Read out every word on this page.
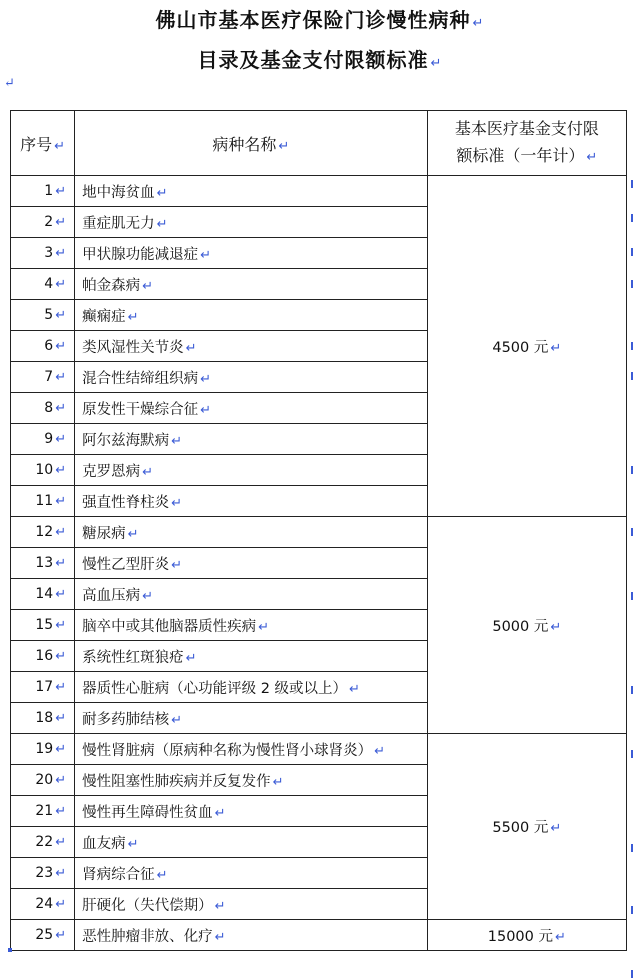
佛山市基本医疗保险门诊慢性病种 ↵
目录及基金支付限额标准 ↵
↵
序号 ↵	病种名称 ↵	基本医疗基金支付限
额标准（一年计） ↵
1 ↵	地中海贫血 ↵	4500 元 ↵
2 ↵	重症肌无力 ↵	
3 ↵	甲状腺功能减退症 ↵	
4 ↵	帕金森病 ↵	
5 ↵	癫痫症 ↵	
6 ↵	类风湿性关节炎 ↵	
7 ↵	混合性结缔组织病 ↵	
8 ↵	原发性干燥综合征 ↵	
9 ↵	阿尔兹海默病 ↵	
10 ↵	克罗恩病 ↵	
11 ↵	强直性脊柱炎 ↵	
12 ↵	糖尿病 ↵	5000 元 ↵
13 ↵	慢性乙型肝炎 ↵	
14 ↵	高血压病 ↵	
15 ↵	脑卒中或其他脑器质性疾病 ↵	
16 ↵	系统性红斑狼疮 ↵	
17 ↵	器质性心脏病（心功能评级 2 级或以上） ↵	
18 ↵	耐多药肺结核 ↵	
19 ↵	慢性肾脏病（原病种名称为慢性肾小球肾炎） ↵	5500 元 ↵
20 ↵	慢性阻塞性肺疾病并反复发作 ↵	
21 ↵	慢性再生障碍性贫血 ↵	
22 ↵	血友病 ↵	
23 ↵	肾病综合征 ↵	
24 ↵	肝硬化（失代偿期） ↵	
25 ↵	恶性肿瘤非放、化疗 ↵	15000 元 ↵
